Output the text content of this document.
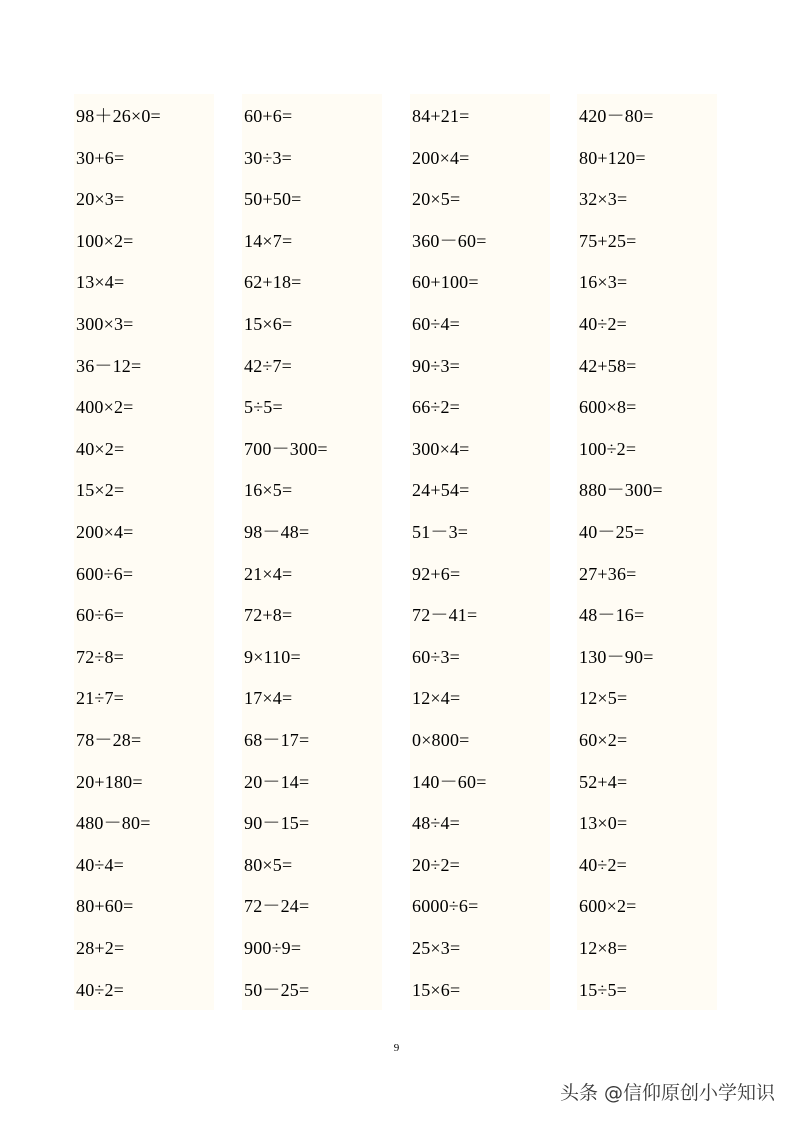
98＋26×0=
30+6=
20×3=
100×2=
13×4=
300×3=
36－12=
400×2=
40×2=
15×2=
200×4=
600÷6=
60÷6=
72÷8=
21÷7=
78－28=
20+180=
480－80=
40÷4=
80+60=
28+2=
40÷2=
60+6=
30÷3=
50+50=
14×7=
62+18=
15×6=
42÷7=
5÷5=
700－300=
16×5=
98－48=
21×4=
72+8=
9×110=
17×4=
68－17=
20－14=
90－15=
80×5=
72－24=
900÷9=
50－25=
84+21=
200×4=
20×5=
360－60=
60+100=
60÷4=
90÷3=
66÷2=
300×4=
24+54=
51－3=
92+6=
72－41=
60÷3=
12×4=
0×800=
140－60=
48÷4=
20÷2=
6000÷6=
25×3=
15×6=
420－80=
80+120=
32×3=
75+25=
16×3=
40÷2=
42+58=
600×8=
100÷2=
880－300=
40－25=
27+36=
48－16=
130－90=
12×5=
60×2=
52+4=
13×0=
40÷2=
600×2=
12×8=
15÷5=
9
头条 @信仰原创小学知识
